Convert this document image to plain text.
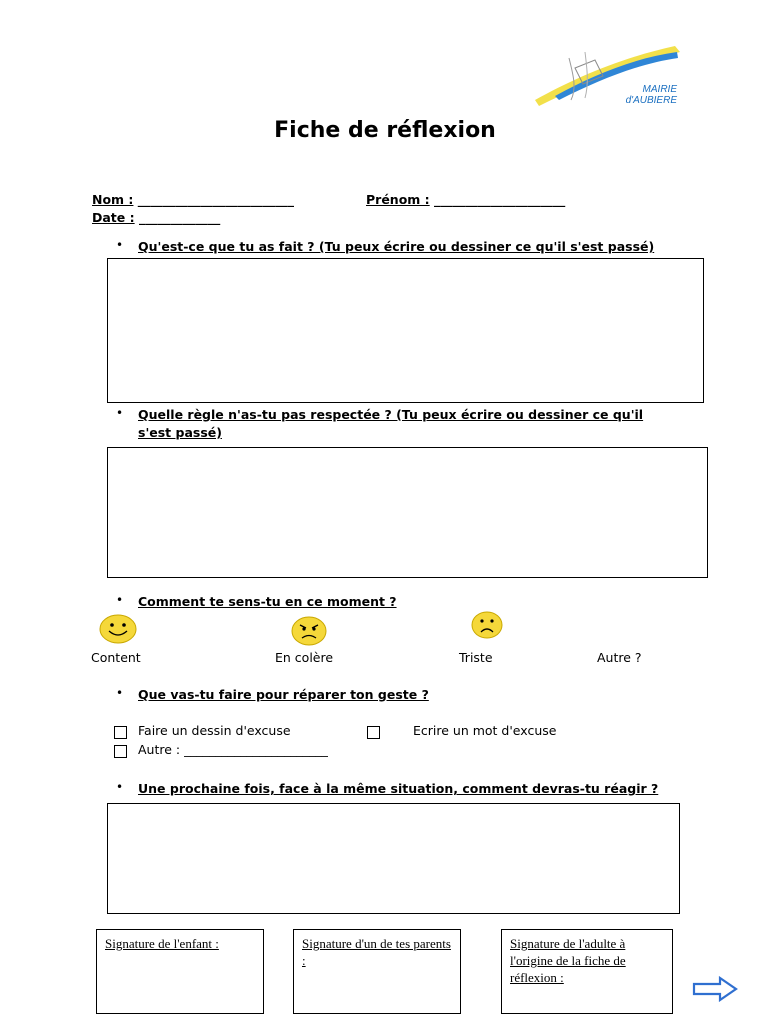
MAIRIE
d'AUBIERE
Fiche de réflexion
Nom : _________________________	Prénom : _____________________
Date : _____________
• Qu'est-ce que tu as fait ? (Tu peux écrire ou dessiner ce qu'il s'est passé)
• Quelle règle n'as-tu pas respectée ? (Tu peux écrire ou dessiner ce qu'il
s'est passé)
• Comment te sens-tu en ce moment ?
Content	En colère	Triste	Autre ?
• Que vas-tu faire pour réparer ton geste ?
Faire un dessin d'excuse	Ecrire un mot d'excuse
Autre : _______________________
• Une prochaine fois, face à la même situation, comment devras-tu réagir ?
Signature de l'enfant :	Signature d'un de tes parents :
Signature de l'adulte à l'origine de la fiche de réflexion :
